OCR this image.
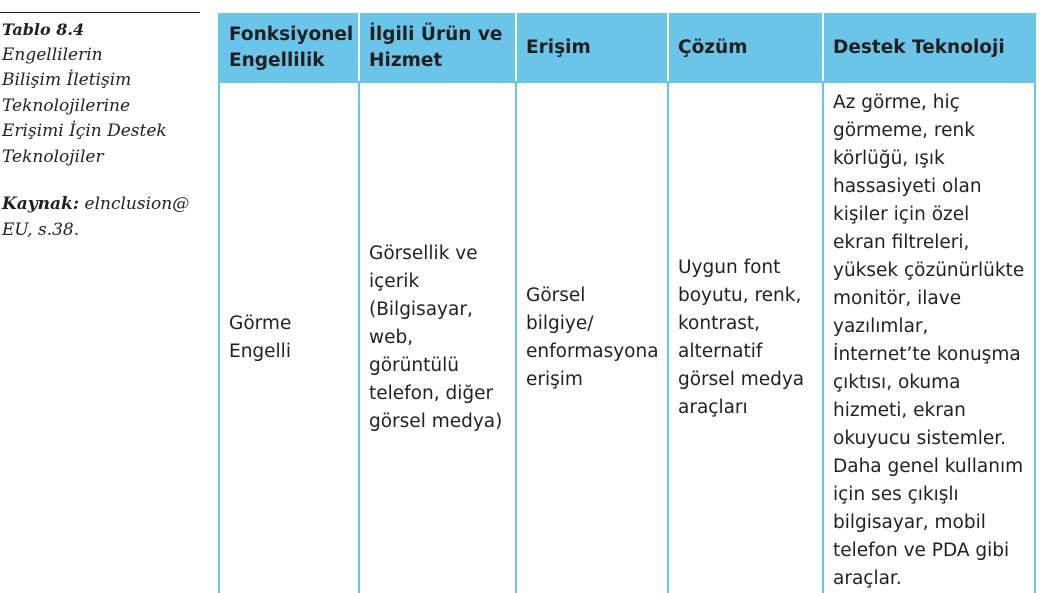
Tablo 8.4
Engellilerin
Bilişim İletişim
Teknolojilerine
Erişimi İçin Destek
Teknolojiler
Kaynak: elnclusion@
EU, s.38.
Fonksiyonel Engellilik	İlgili Ürün ve Hizmet	Erişim	Çözüm	Destek Teknoloji
Görme Engelli	Görsellik ve içerik (Bilgisayar, web, görüntülü telefon, diğer görsel medya)	Görsel bilgiye/ enformasyona erişim	Uygun font boyutu, renk, kontrast, alternatif görsel medya araçları	Az görme, hiç görmeme, renk körlüğü, ışık hassasiyeti olan kişiler için özel ekran filtreleri, yüksek çözünürlükte monitör, ilave yazılımlar, İnternet’te konuşma çıktısı, okuma hizmeti, ekran okuyucu sistemler. Daha genel kullanım için ses çıkışlı bilgisayar, mobil telefon ve PDA gibi araçlar.
